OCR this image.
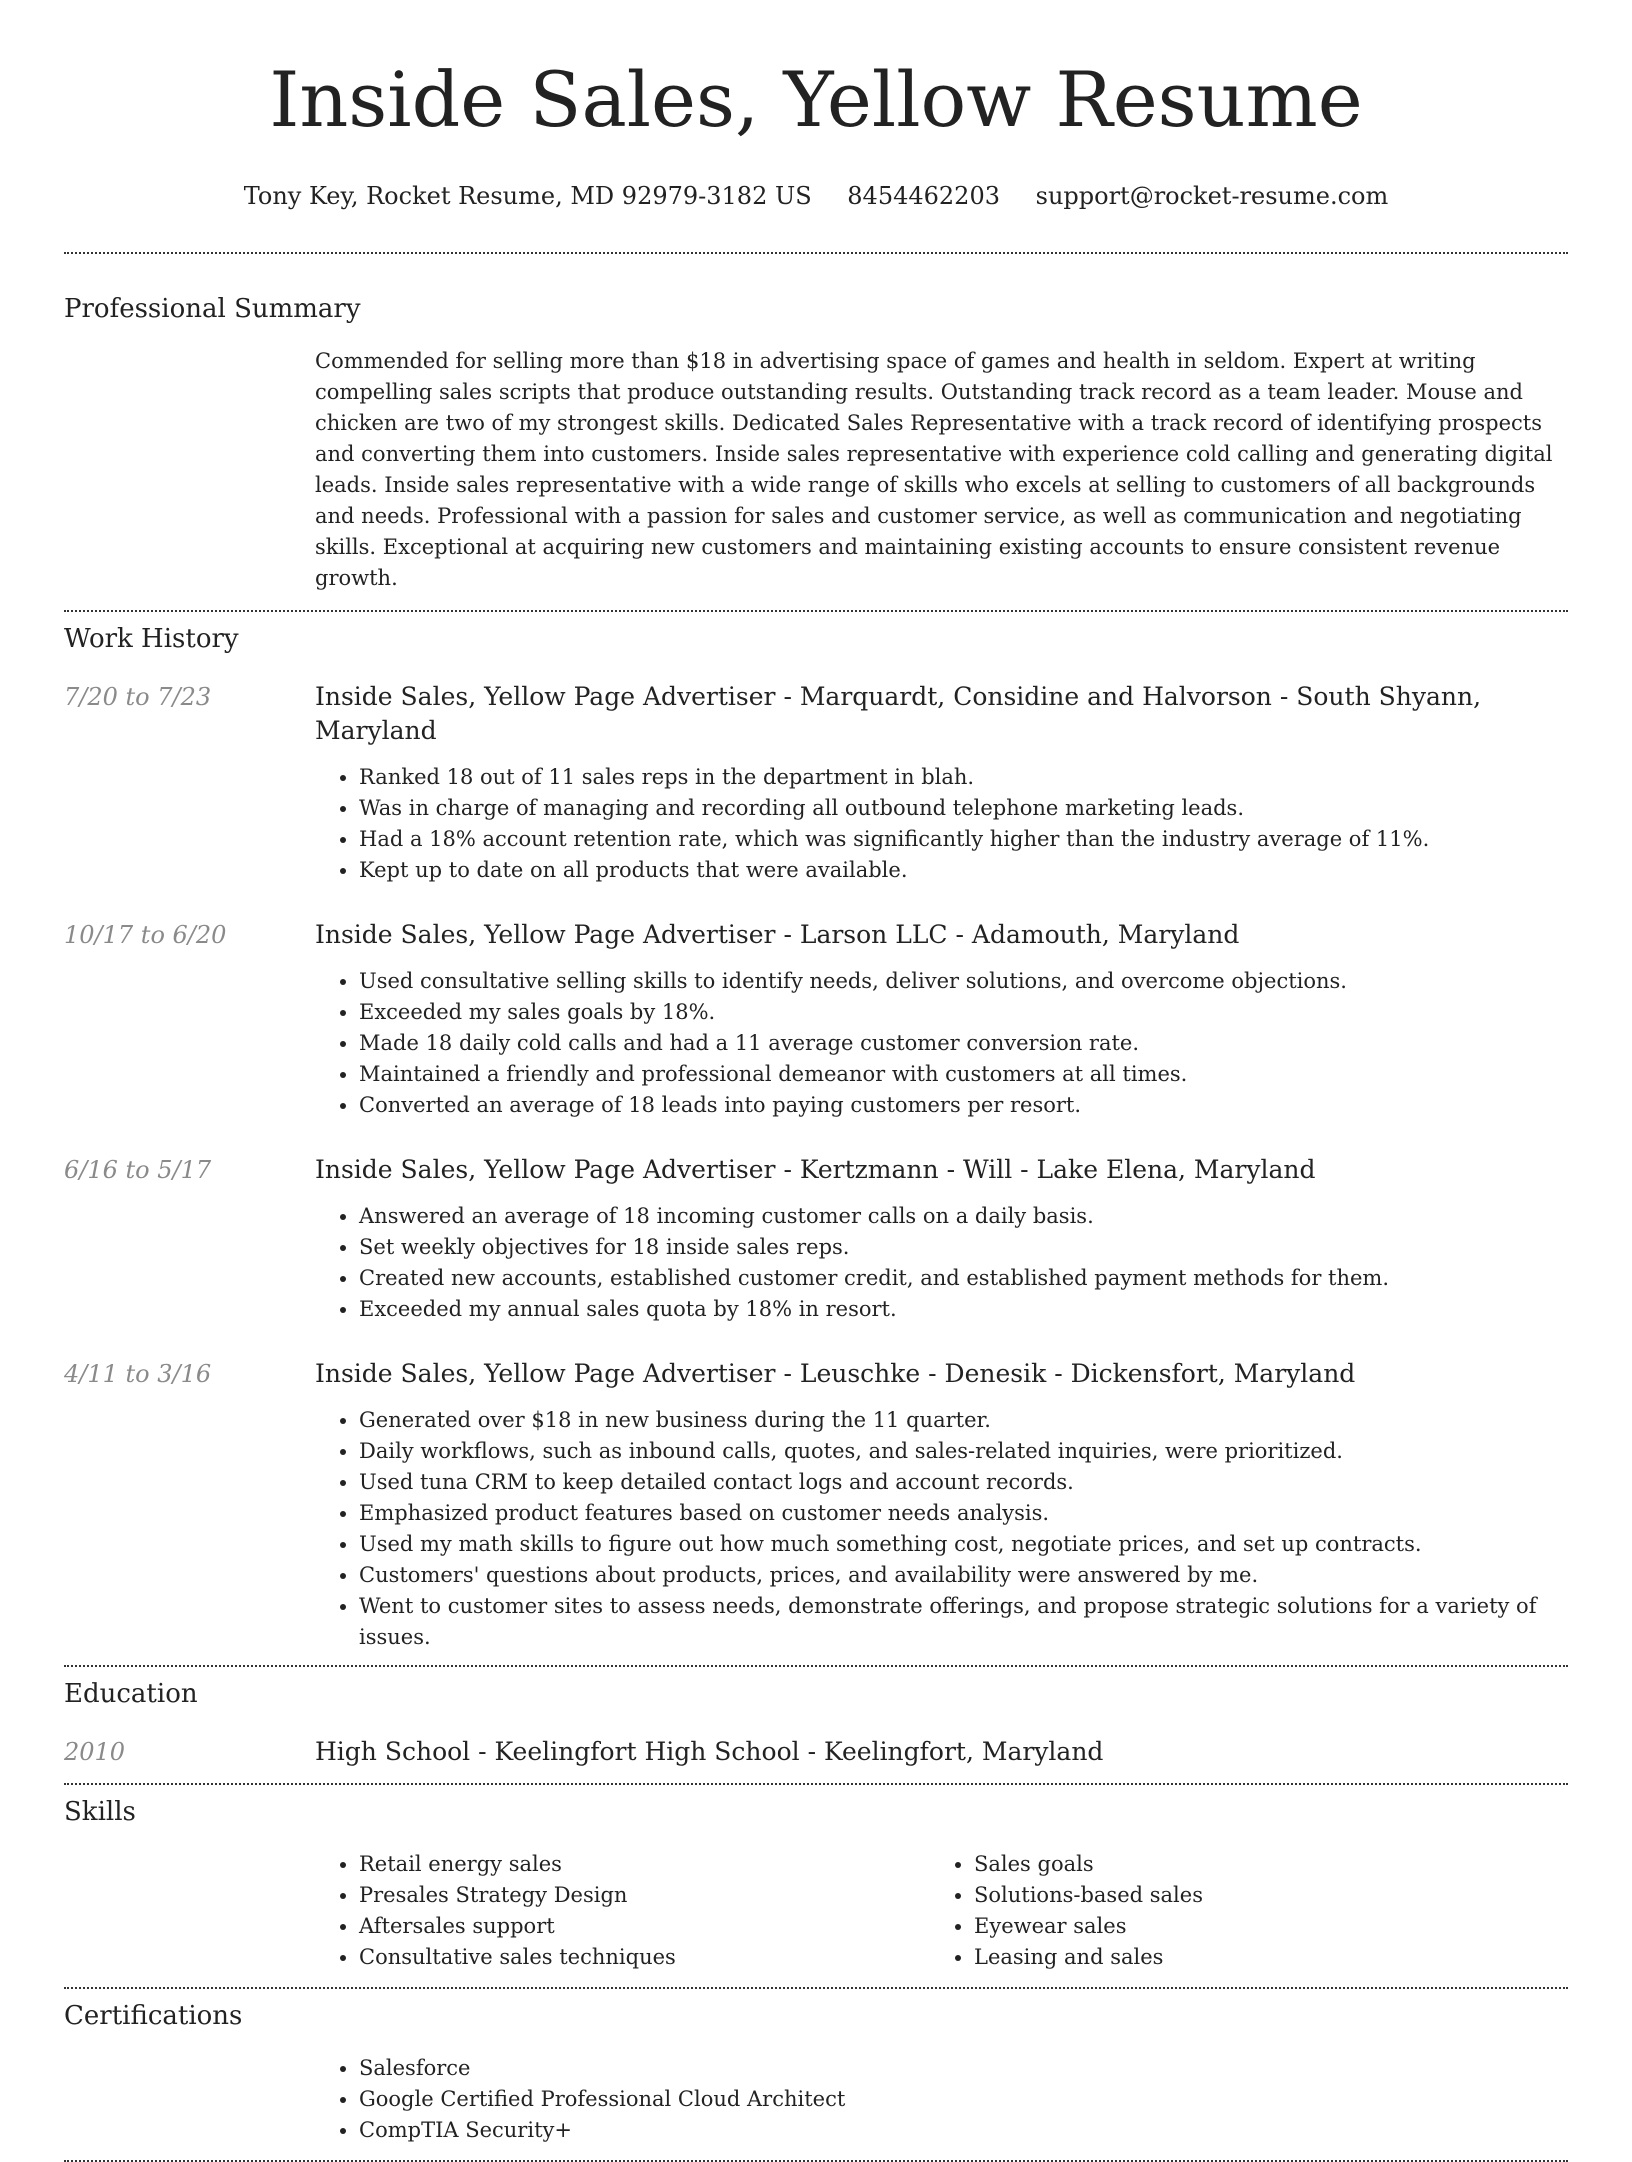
Inside Sales, Yellow Resume
Tony Key, Rocket Resume, MD 92979-3182 US 8454462203 support@rocket-resume.com
Professional Summary

Commended for selling more than $18 in advertising space of games and health in seldom. Expert at writing compelling sales scripts that produce outstanding results. Outstanding track record as a team leader. Mouse and chicken are two of my strongest skills. Dedicated Sales Representative with a track record of identifying prospects and converting them into customers. Inside sales representative with experience cold calling and generating digital leads. Inside sales representative with a wide range of skills who excels at selling to customers of all backgrounds and needs. Professional with a passion for sales and customer service, as well as communication and negotiating skills. Exceptional at acquiring new customers and maintaining existing accounts to ensure consistent revenue growth.

Work History
7/20 to 7/23	Inside Sales, Yellow Page Advertiser - Marquardt, Considine and Halvorson - South Shyann, Maryland
• Ranked 18 out of 11 sales reps in the department in blah.
• Was in charge of managing and recording all outbound telephone marketing leads.
• Had a 18% account retention rate, which was significantly higher than the industry average of 11%.
• Kept up to date on all products that were available.
10/17 to 6/20	Inside Sales, Yellow Page Advertiser - Larson LLC - Adamouth, Maryland
• Used consultative selling skills to identify needs, deliver solutions, and overcome objections.
• Exceeded my sales goals by 18%.
• Made 18 daily cold calls and had a 11 average customer conversion rate.
• Maintained a friendly and professional demeanor with customers at all times.
• Converted an average of 18 leads into paying customers per resort.
6/16 to 5/17	Inside Sales, Yellow Page Advertiser - Kertzmann - Will - Lake Elena, Maryland
• Answered an average of 18 incoming customer calls on a daily basis.
• Set weekly objectives for 18 inside sales reps.
• Created new accounts, established customer credit, and established payment methods for them.
• Exceeded my annual sales quota by 18% in resort.
4/11 to 3/16	Inside Sales, Yellow Page Advertiser - Leuschke - Denesik - Dickensfort, Maryland
• Generated over $18 in new business during the 11 quarter.
• Daily workflows, such as inbound calls, quotes, and sales-related inquiries, were prioritized.
• Used tuna CRM to keep detailed contact logs and account records.
• Emphasized product features based on customer needs analysis.
• Used my math skills to figure out how much something cost, negotiate prices, and set up contracts.
• Customers' questions about products, prices, and availability were answered by me.
• Went to customer sites to assess needs, demonstrate offerings, and propose strategic solutions for a variety of issues.
Education
2010	High School - Keelingfort High School - Keelingfort, Maryland
Skills
• Retail energy sales
• Presales Strategy Design
• Aftersales support
• Consultative sales techniques
• Sales goals
• Solutions-based sales
• Eyewear sales
• Leasing and sales
Certifications
• Salesforce
• Google Certified Professional Cloud Architect
• CompTIA Security+
